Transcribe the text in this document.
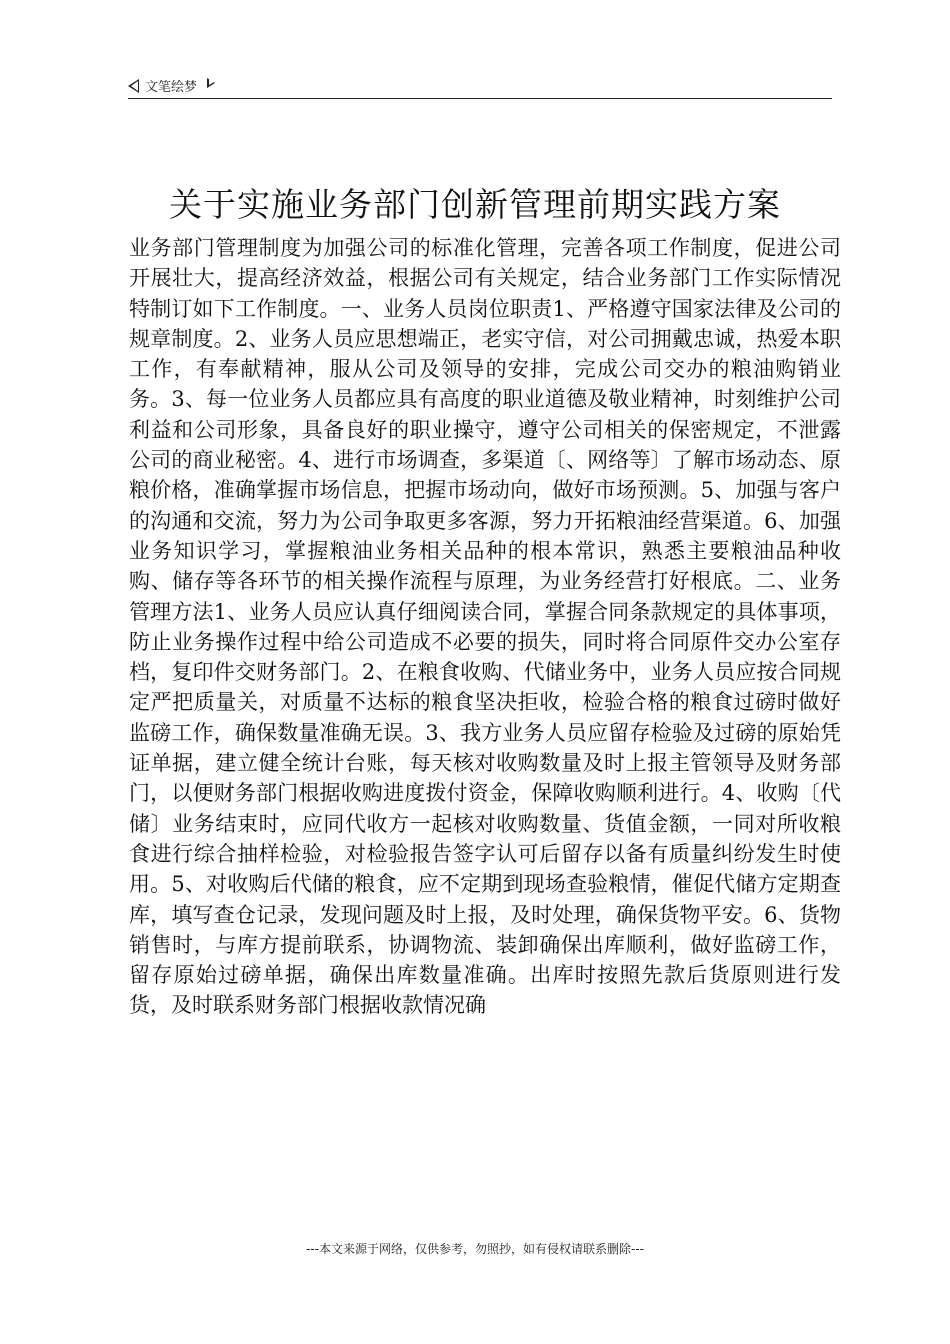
文笔绘梦
关于实施业务部门创新管理前期实践方案
业务部门管理制度为加强公司的标准化管理，完善各项工作制度，促进公司开展壮大，提高经济效益，根据公司有关规定，结合业务部门工作实际情况特制订如下工作制度。一、业务人员岗位职责1、严格遵守国家法律及公司的规章制度。2、业务人员应思想端正，老实守信，对公司拥戴忠诚，热爱本职工作，有奉献精神，服从公司及领导的安排，完成公司交办的粮油购销业务。3、每一位业务人员都应具有高度的职业道德及敬业精神，时刻维护公司利益和公司形象，具备良好的职业操守，遵守公司相关的保密规定，不泄露公司的商业秘密。4、进行市场调查，多渠道〔、网络等〕了解市场动态、原粮价格，准确掌握市场信息，把握市场动向，做好市场预测。5、加强与客户的沟通和交流，努力为公司争取更多客源，努力开拓粮油经营渠道。6、加强业务知识学习，掌握粮油业务相关品种的根本常识，熟悉主要粮油品种收购、储存等各环节的相关操作流程与原理，为业务经营打好根底。二、业务管理方法1、业务人员应认真仔细阅读合同，掌握合同条款规定的具体事项，防止业务操作过程中给公司造成不必要的损失，同时将合同原件交办公室存档，复印件交财务部门。2、在粮食收购、代储业务中，业务人员应按合同规定严把质量关，对质量不达标的粮食坚决拒收，检验合格的粮食过磅时做好监磅工作，确保数量准确无误。3、我方业务人员应留存检验及过磅的原始凭证单据，建立健全统计台账，每天核对收购数量及时上报主管领导及财务部门，以便财务部门根据收购进度拨付资金，保障收购顺利进行。4、收购〔代储〕业务结束时，应同代收方一起核对收购数量、货值金额，一同对所收粮食进行综合抽样检验，对检验报告签字认可后留存以备有质量纠纷发生时使用。5、对收购后代储的粮食，应不定期到现场查验粮情，催促代储方定期查库，填写查仓记录，发现问题及时上报，及时处理，确保货物平安。6、货物销售时，与库方提前联系，协调物流、装卸确保出库顺利，做好监磅工作，留存原始过磅单据，确保出库数量准确。出库时按照先款后货原则进行发货，及时联系财务部门根据收款情况确
---本文来源于网络，仅供参考，勿照抄，如有侵权请联系删除---
